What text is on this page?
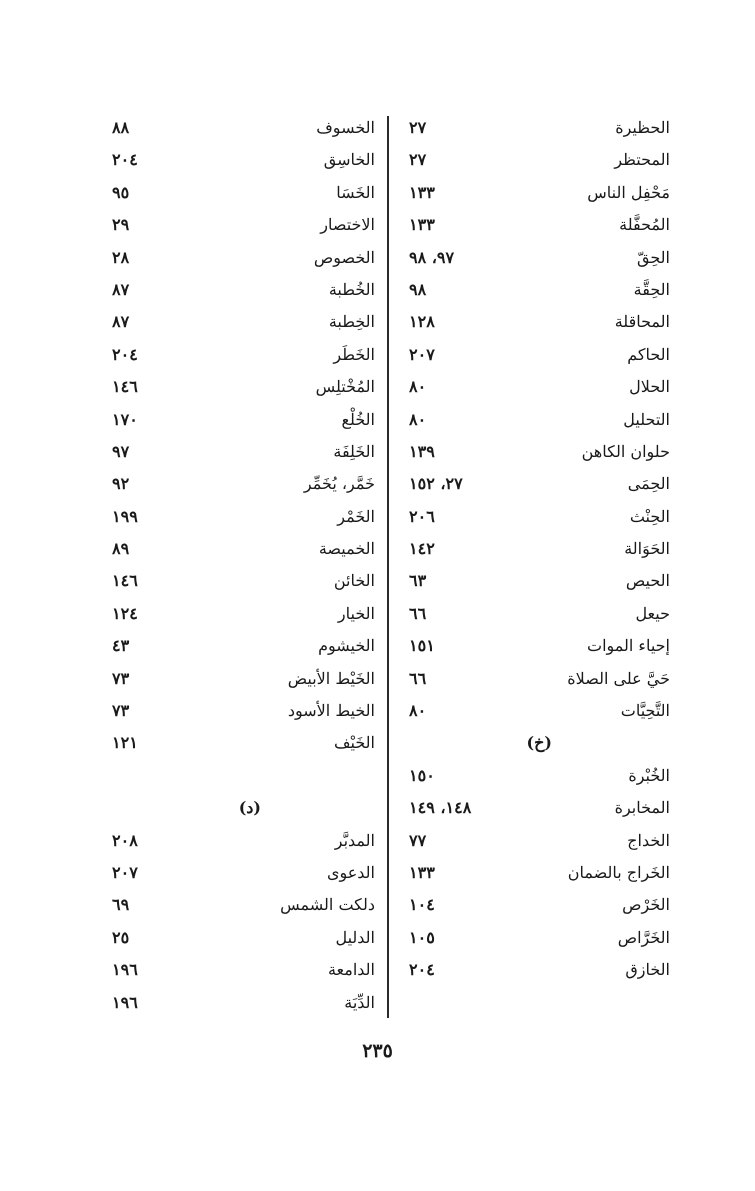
الحظيرة
٢٧
المحتظر
٢٧
مَحْفِل الناس
١٣٣
المُحفَّلة
١٣٣
الحِقّ
٩٧، ٩٨
الحِقَّة
٩٨
المحاقلة
١٢٨
الحاكم
٢٠٧
الحلال
٨٠
التحليل
٨٠
حلوان الكاهن
١٣٩
الحِمَى
٢٧، ١٥٢
الحِنْث
٢٠٦
الحَوَالة
١٤٢
الحيص
٦٣
حيعل
٦٦
إحياء الموات
١٥١
حَيَّ على الصلاة
٦٦
التَّحِيَّات
٨٠
(خ)
الخُبْرة
١٥٠
المخابرة
١٤٨، ١٤٩
الخداج
٧٧
الخَراج بالضمان
١٣٣
الخَرْص
١٠٤
الخَرَّاص
١٠٥
الخازق
٢٠٤
الخسوف
٨٨
الخاسِق
٢٠٤
الخَسَا
٩٥
الاختصار
٢٩
الخصوص
٢٨
الخُطبة
٨٧
الخِطبة
٨٧
الخَطَر
٢٠٤
المُخْتلِس
١٤٦
الخُلْع
١٧٠
الخَلِفَة
٩٧
خَمَّر، يُخَمِّر
٩٢
الخَمْر
١٩٩
الخميصة
٨٩
الخائن
١٤٦
الخيار
١٢٤
الخيشوم
٤٣
الخَيْط الأبيض
٧٣
الخيط الأسود
٧٣
الخَيْف
١٢١
(د)
المدبَّر
٢٠٨
الدعوى
٢٠٧
دلكت الشمس
٦٩
الدليل
٢٥
الدامعة
١٩٦
الدِّيَة
١٩٦
٢٣٥
